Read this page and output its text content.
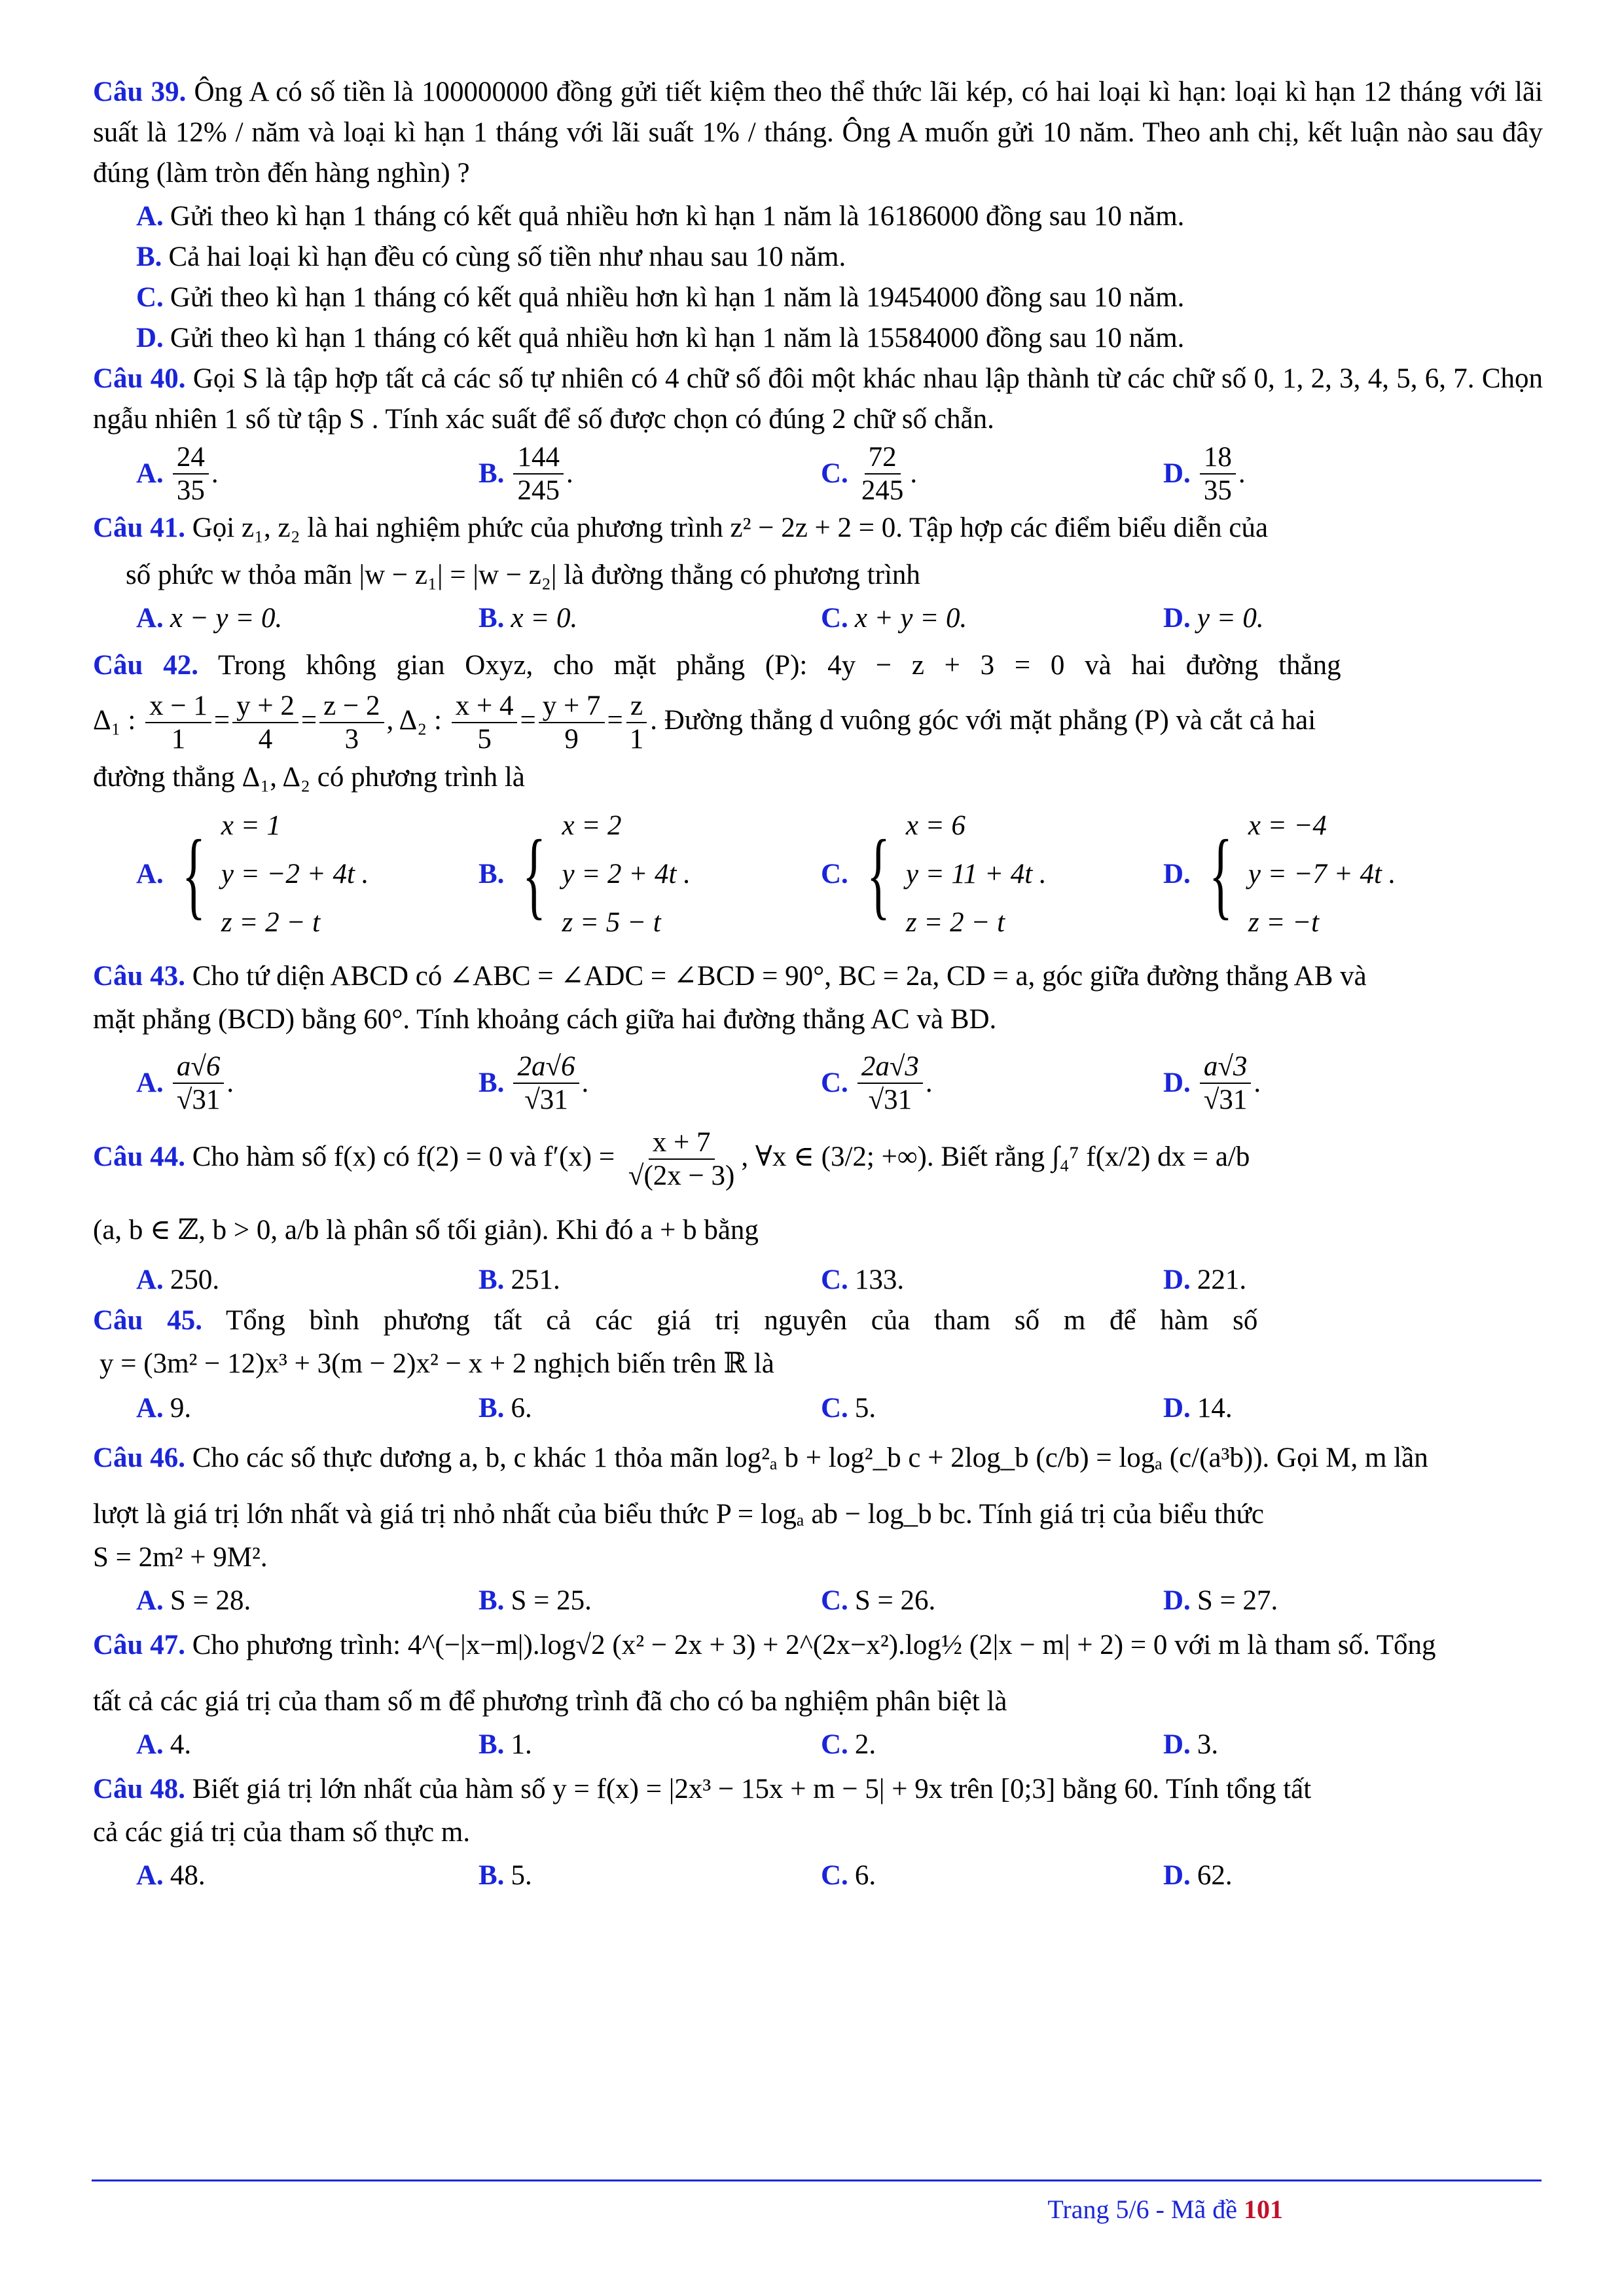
Câu 39. Ông A có số tiền là 100000000 đồng gửi tiết kiệm theo thể thức lãi kép, có hai loại kì hạn: loại kì hạn 12 tháng với lãi suất là 12% / năm và loại kì hạn 1 tháng với lãi suất 1% / tháng. Ông A muốn gửi 10 năm. Theo anh chị, kết luận nào sau đây đúng (làm tròn đến hàng nghìn) ?
A. Gửi theo kì hạn 1 tháng có kết quả nhiều hơn kì hạn 1 năm là 16186000 đồng sau 10 năm.
B. Cả hai loại kì hạn đều có cùng số tiền như nhau sau 10 năm.
C. Gửi theo kì hạn 1 tháng có kết quả nhiều hơn kì hạn 1 năm là 19454000 đồng sau 10 năm.
D. Gửi theo kì hạn 1 tháng có kết quả nhiều hơn kì hạn 1 năm là 15584000 đồng sau 10 năm.
Câu 40. Gọi S là tập hợp tất cả các số tự nhiên có 4 chữ số đôi một khác nhau lập thành từ các chữ số 0, 1, 2, 3, 4, 5, 6, 7. Chọn ngẫu nhiên 1 số từ tập S . Tính xác suất để số được chọn có đúng 2 chữ số chẵn.
A. $\frac{24}{35}$ .	B. $\frac{144}{245}$ .	C. $\frac{72}{245}$ .	D. $\frac{18}{35}$ .
Câu 41. Gọi z₁, z₂ là hai nghiệm phức của phương trình z² − 2z + 2 = 0. Tập hợp các điểm biểu diễn của
số phức w thỏa mãn |w − z₁| = |w − z₂| là đường thẳng có phương trình
A. x − y = 0.	B. x = 0.	C. x + y = 0.	D. y = 0.
Câu 42. Trong không gian Oxyz, cho mặt phẳng (P): 4y − z + 3 = 0 và hai đường thẳng
Δ₁ : $\frac{x - 1}{1} = \frac{y + 2}{4} = \frac{z - 2}{3}$ , Δ₂ : $\frac{x + 4}{5} = \frac{y + 7}{9} = \frac{z}{1}$ . Đường thẳng d vuông góc với mặt phẳng (P) và cắt cả hai
đường thẳng Δ₁, Δ₂ có phương trình là
A. { x = 1
y = −2 + 4t .
z = 2 − t
B. { x = 2
y = 2 + 4t .
z = 5 − t
C. { x = 6
y = 11 + 4t .
z = 2 − t
D. { x = −4
y = −7 + 4t .
z = −t
Câu 43. Cho tứ diện ABCD có ∠ABC = ∠ADC = ∠BCD = 90°, BC = 2a, CD = a, góc giữa đường thẳng AB và
mặt phẳng (BCD) bằng 60°. Tính khoảng cách giữa hai đường thẳng AC và BD.
A. $\frac{a√6}{√31}$ .	B. $\frac{2a√6}{√31}$ .	C. $\frac{2a√3}{√31}$ .	D. $\frac{a√3}{√31}$ .
Câu 44. Cho hàm số f(x) có f(2) = 0 và $f'(x) = \frac{x + 7}{√(2x - 3)}$ , ∀x ∈ (3/2; +∞). Biết rằng ∫₄⁷ f(x/2) dx = a/b
(a, b ∈ ℤ, b > 0, a/b là phân số tối giản). Khi đó a + b bằng
A. 250.	B. 251.	C. 133.	D. 221.
Câu 45. Tổng bình phương tất cả các giá trị nguyên của tham số m để hàm số
y = (3m² − 12)x³ + 3(m − 2)x² − x + 2 nghịch biến trên ℝ là
A. 9.	B. 6.	C. 5.	D. 14.
Câu 46. Cho các số thực dương a, b, c khác 1 thỏa mãn log²ₐ b + log²_b c + 2log_b (c/b) = logₐ (c/(a³b)). Gọi M, m lần
lượt là giá trị lớn nhất và giá trị nhỏ nhất của biểu thức P = logₐ ab − log_b bc. Tính giá trị của biểu thức
S = 2m² + 9M².
A. S = 28.	B. S = 25.	C. S = 26.	D. S = 27.
Câu 47. Cho phương trình: 4^(−|x−m|).log√2 (x² − 2x + 3) + 2^(2x−x²).log½ (2|x − m| + 2) = 0 với m là tham số. Tổng
tất cả các giá trị của tham số m để phương trình đã cho có ba nghiệm phân biệt là
A. 4.	B. 1.	C. 2.	D. 3.
Câu 48. Biết giá trị lớn nhất của hàm số y = f(x) = |2x³ − 15x + m − 5| + 9x trên [0;3] bằng 60. Tính tổng tất
cả các giá trị của tham số thực m.
A. 48.	B. 5.	C. 6.	D. 62.
Trang 5/6 - Mã đề 101
